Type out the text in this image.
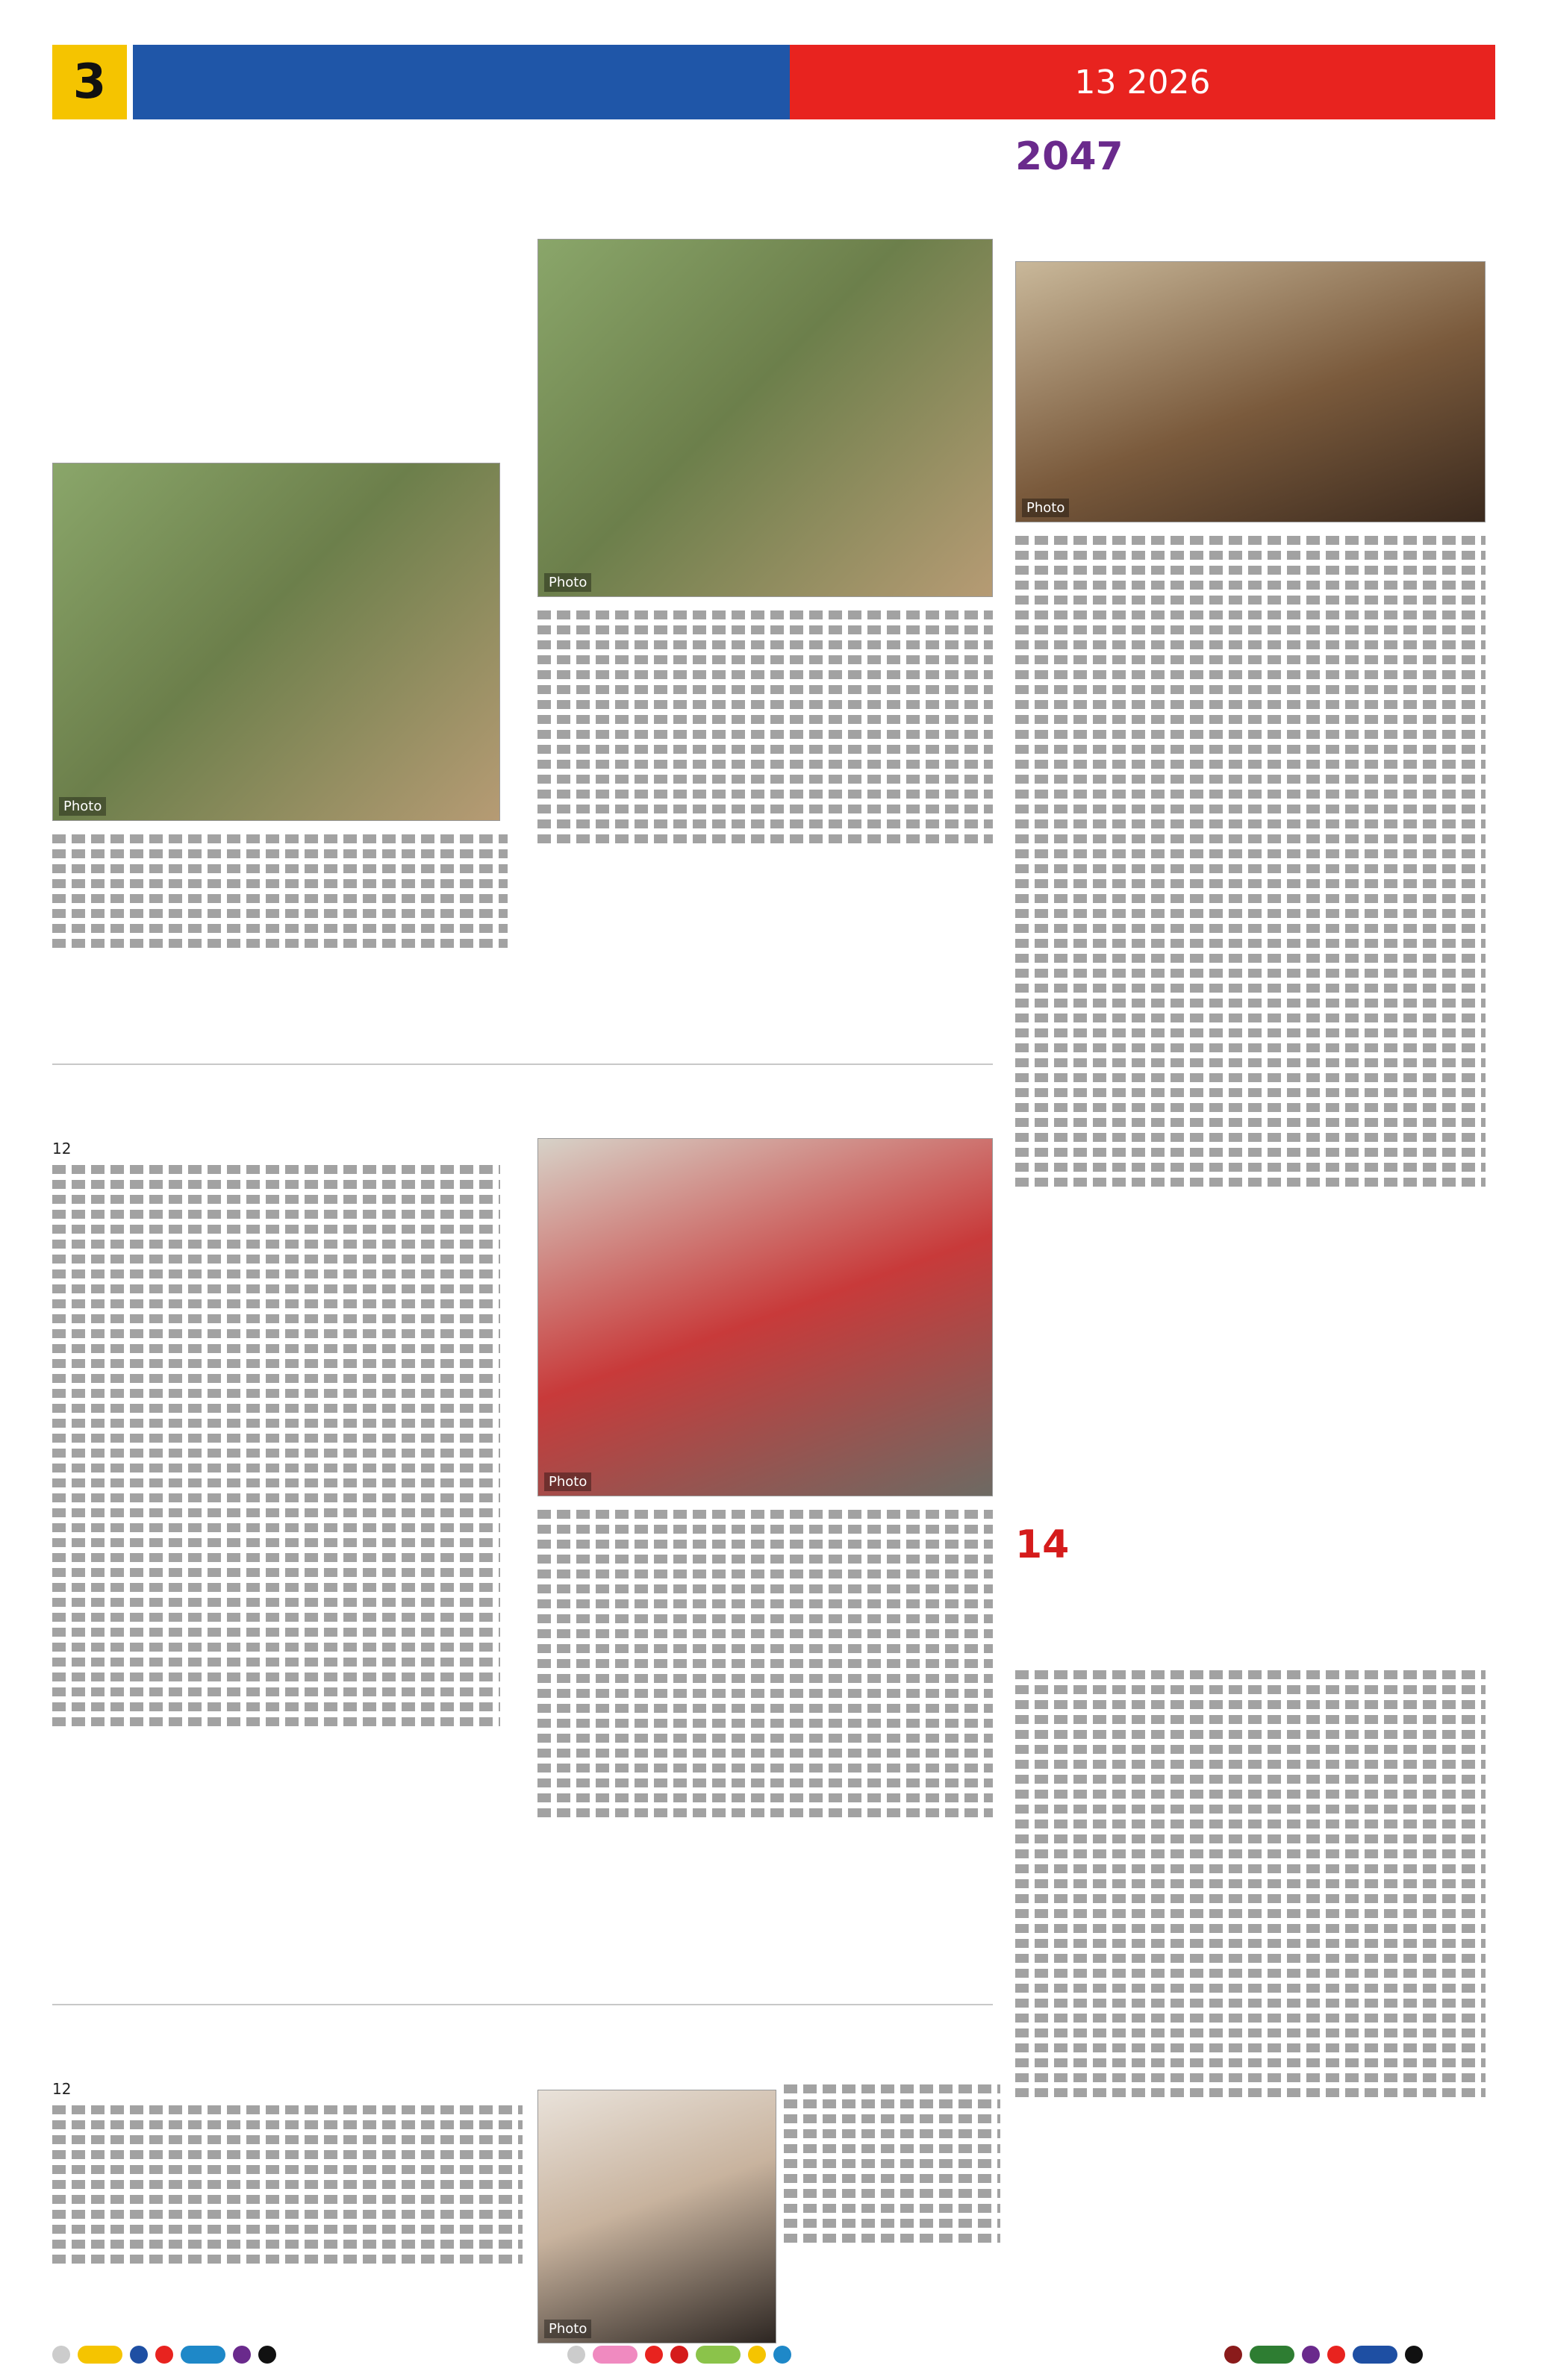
3	13
2026
Photo
Photo
2047
Photo
12
Photo
14
12
Photo
